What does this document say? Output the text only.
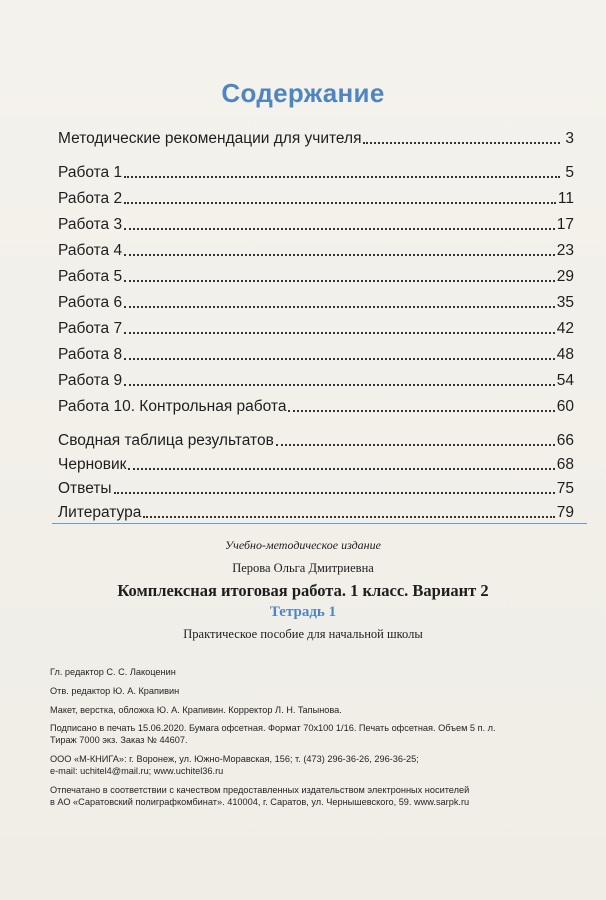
Содержание
Методические рекомендации для учителя	3
Работа 1	5
Работа 2	11
Работа 3	17
Работа 4	23
Работа 5	29
Работа 6	35
Работа 7	42
Работа 8	48
Работа 9	54
Работа 10. Контрольная работа	60
Сводная таблица результатов	66
Черновик	68
Ответы	75
Литература	79
Учебно-методическое издание
Перова Ольга Дмитриевна
Комплексная итоговая работа. 1 класс. Вариант 2
Тетрадь 1
Практическое пособие для начальной школы
Гл. редактор С. С. Лакоценин
Отв. редактор Ю. А. Крапивин
Макет, верстка, обложка Ю. А. Крапивин. Корректор Л. Н. Taпынова.
Подписано в печать 15.06.2020. Бумага офсетная. Формат 70х100 1/16. Печать офсетная. Объем 5 п. л.
Тираж 7000 экз. Заказ № 44607.
ООО «М-КНИГА»: г. Воронеж, ул. Южно-Моравская, 156; т. (473) 296-36-26, 296-36-25;
e-mail: uchitel4@mail.ru; www.uchitel36.ru
Отпечатано в соответствии с качеством предоставленных издательством электронных носителей
в АО «Саратовский полиграфкомбинат». 410004, г. Саратов, ул. Чернышевского, 59. www.sarpk.ru
